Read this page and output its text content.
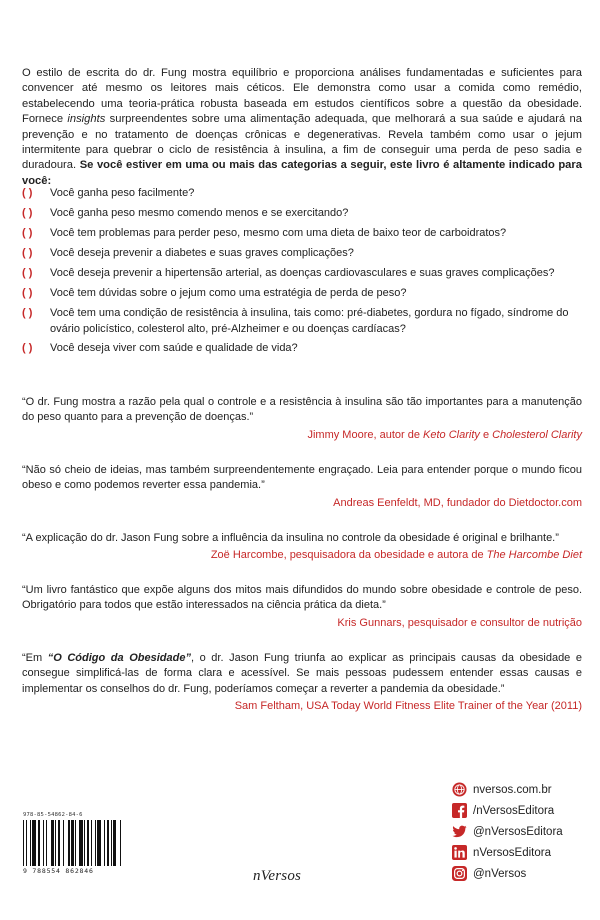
O estilo de escrita do dr. Fung mostra equilíbrio e proporciona análises fundamentadas e suficientes para convencer até mesmo os leitores mais céticos. Ele demonstra como usar a comida como remédio, estabelecendo uma teoria-prática robusta baseada em estudos científicos sobre a questão da obesidade. Fornece insights surpreendentes sobre uma alimentação adequada, que melhorará a sua saúde e ajudará na prevenção e no tratamento de doenças crônicas e degenerativas. Revela também como usar o jejum intermitente para quebrar o ciclo de resistência à insulina, a fim de conseguir uma perda de peso sadia e duradoura. Se você estiver em uma ou mais das categorias a seguir, este livro é altamente indicado para você:
( )
Você ganha peso facilmente?
( )
Você ganha peso mesmo comendo menos e se exercitando?
( )
Você tem problemas para perder peso, mesmo com uma dieta de baixo teor de carboidratos?
( )
Você deseja prevenir a diabetes e suas graves complicações?
( )
Você deseja prevenir a hipertensão arterial, as doenças cardiovasculares e suas graves complicações?
( )
Você tem dúvidas sobre o jejum como uma estratégia de perda de peso?
( )
Você tem uma condição de resistência à insulina, tais como: pré-diabetes, gordura no fígado, síndrome do ovário policístico, colesterol alto, pré-Alzheimer e ou doenças cardíacas?
( )
Você deseja viver com saúde e qualidade de vida?
“O dr. Fung mostra a razão pela qual o controle e a resistência à insulina são tão importantes para a manutenção do peso quanto para a prevenção de doenças.”
Jimmy Moore, autor de Keto Clarity e Cholesterol Clarity
“Não só cheio de ideias, mas também surpreendentemente engraçado. Leia para entender porque o mundo ficou obeso e como podemos reverter essa pandemia.”
Andreas Eenfeldt, MD, fundador do Dietdoctor.com
“A explicação do dr. Jason Fung sobre a influência da insulina no controle da obesidade é original e brilhante.”
Zoë Harcombe, pesquisadora da obesidade e autora de The Harcombe Diet
“Um livro fantástico que expõe alguns dos mitos mais difundidos do mundo sobre obesidade e controle de peso. Obrigatório para todos que estão interessados na ciência prática da dieta.”
Kris Gunnars, pesquisador e consultor de nutrição
“Em “O Código da Obesidade”, o dr. Jason Fung triunfa ao explicar as principais causas da obesidade e consegue simplificá-las de forma clara e acessível. Se mais pessoas pudessem entender essas causas e implementar os conselhos do dr. Fung, poderíamos começar a reverter a pandemia da obesidade.”
Sam Feltham, USA Today World Fitness Elite Trainer of the Year (2011)
nversos.com.br
/nVersosEditora
@nVersosEditora
nVersosEditora
@nVersos
978-85-54862-84-6
9 788554 862846	nVersos
